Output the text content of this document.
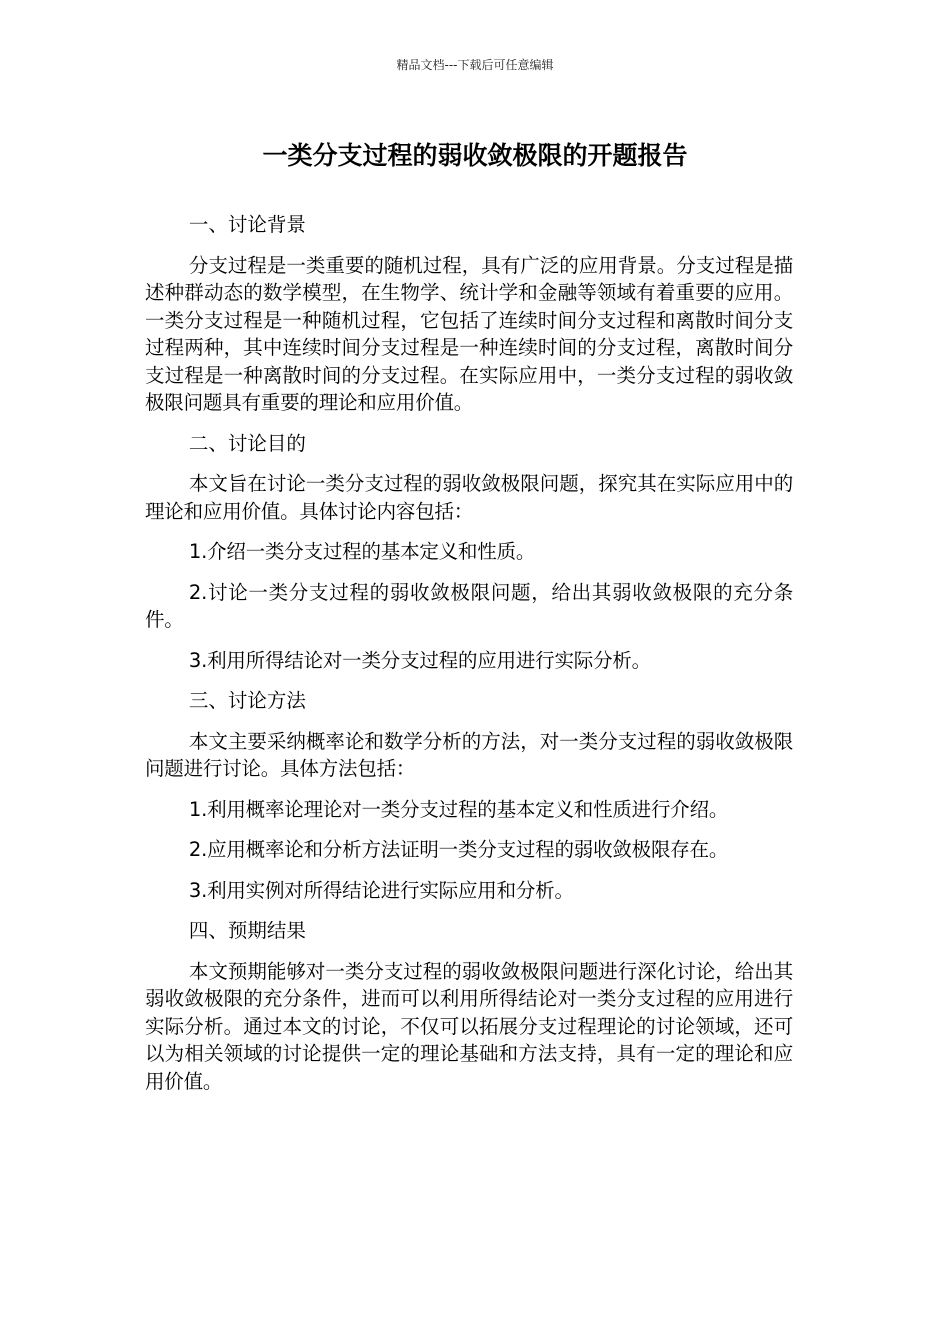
精品文档---下载后可任意编辑
一类分支过程的弱收敛极限的开题报告

一、讨论背景

分支过程是一类重要的随机过程，具有广泛的应用背景。分支过程是描述种群动态的数学模型，在生物学、统计学和金融等领域有着重要的应用。一类分支过程是一种随机过程，它包括了连续时间分支过程和离散时间分支过程两种，其中连续时间分支过程是一种连续时间的分支过程，离散时间分支过程是一种离散时间的分支过程。在实际应用中，一类分支过程的弱收敛极限问题具有重要的理论和应用价值。

二、讨论目的

本文旨在讨论一类分支过程的弱收敛极限问题，探究其在实际应用中的理论和应用价值。具体讨论内容包括：

1.介绍一类分支过程的基本定义和性质。

2.讨论一类分支过程的弱收敛极限问题，给出其弱收敛极限的充分条件。

3.利用所得结论对一类分支过程的应用进行实际分析。

三、讨论方法

本文主要采纳概率论和数学分析的方法，对一类分支过程的弱收敛极限问题进行讨论。具体方法包括：

1.利用概率论理论对一类分支过程的基本定义和性质进行介绍。

2.应用概率论和分析方法证明一类分支过程的弱收敛极限存在。

3.利用实例对所得结论进行实际应用和分析。

四、预期结果

本文预期能够对一类分支过程的弱收敛极限问题进行深化讨论，给出其弱收敛极限的充分条件，进而可以利用所得结论对一类分支过程的应用进行实际分析。通过本文的讨论，不仅可以拓展分支过程理论的讨论领域，还可以为相关领域的讨论提供一定的理论基础和方法支持，具有一定的理论和应用价值。
